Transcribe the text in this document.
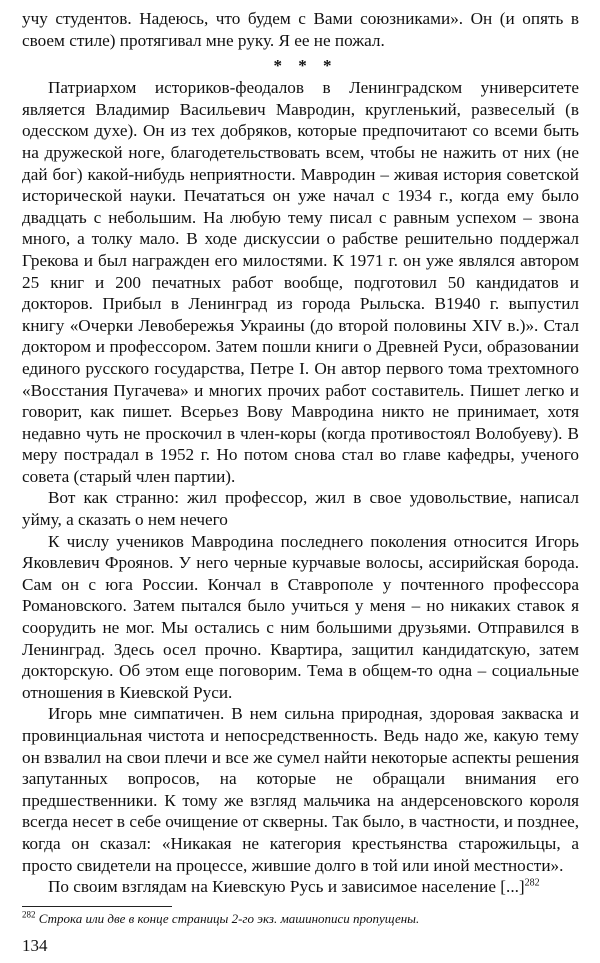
учу студентов. Надеюсь, что будем с Вами союзниками». Он (и опять в своем стиле) протягивал мне руку. Я ее не пожал.

* * *

Патриархом историков-феодалов в Ленинградском университете является Владимир Васильевич Мавродин, кругленький, развеселый (в одесском духе). Он из тех добряков, которые предпочитают со всеми быть на дружеской ноге, благодетельствовать всем, чтобы не нажить от них (не дай бог) какой-нибудь неприятности. Мавродин – живая история советской исторической науки. Печататься он уже начал с 1934 г., когда ему было двадцать с небольшим. На любую тему писал с равным успехом – звона много, а толку мало. В ходе дискуссии о рабстве решительно поддержал Грекова и был награжден его милостями. К 1971 г. он уже являлся автором 25 книг и 200 печатных работ вообще, подготовил 50 кандидатов и докторов. Прибыл в Ленинград из города Рыльска. В1940 г. выпустил книгу «Очерки Левобережья Украины (до второй половины XIV в.)». Стал доктором и профессором. Затем пошли книги о Древней Руси, образовании единого русского государства, Петре I. Он автор первого тома трехтомного «Восстания Пугачева» и многих прочих работ составитель. Пишет легко и говорит, как пишет. Всерьез Вову Мавродина никто не принимает, хотя недавно чуть не проскочил в член-коры (когда противостоял Волобуеву). В меру пострадал в 1952 г. Но потом снова стал во главе кафедры, ученого совета (старый член партии).

Вот как странно: жил профессор, жил в свое удовольствие, написал уйму, а сказать о нем нечего

К числу учеников Мавродина последнего поколения относится Игорь Яковлевич Фроянов. У него черные курчавые волосы, ассирийская борода. Сам он с юга России. Кончал в Ставрополе у почтенного профессора Романовского. Затем пытался было учиться у меня – но никаких ставок я соорудить не мог. Мы остались с ним большими друзьями. Отправился в Ленинград. Здесь осел прочно. Квартира, защитил кандидатскую, затем докторскую. Об этом еще поговорим. Тема в общем-то одна – социальные отношения в Киевской Руси.

Игорь мне симпатичен. В нем сильна природная, здоровая закваска и провинциальная чистота и непосредственность. Ведь надо же, какую тему он взвалил на свои плечи и все же сумел найти некоторые аспекты решения запутанных вопросов, на которые не обращали внимания его предшественники. К тому же взгляд мальчика на андерсеновского короля всегда несет в себе очищение от скверны. Так было, в частности, и позднее, когда он сказал: «Никакая не категория крестьянства старожильцы, а просто свидетели на процессе, жившие долго в той или иной местности».

По своим взглядам на Киевскую Русь и зависимое население [...]$^{282}$

$^{282}$ Строка или две в конце страницы 2-го экз. машинописи пропущены.

134
